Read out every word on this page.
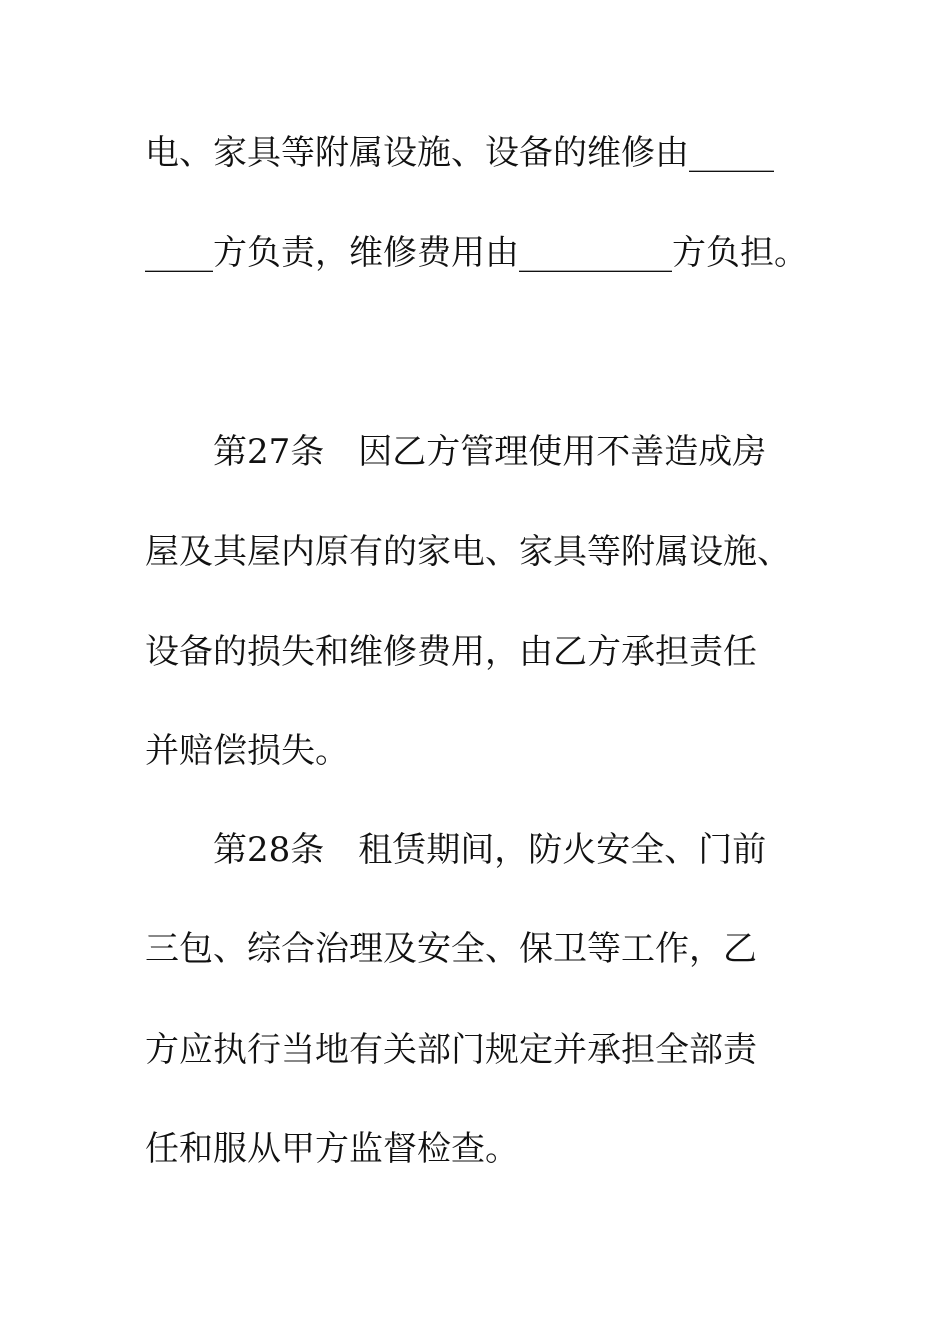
电、家具等附属设施、设备的维修由_____
____方负责，维修费用由_________方负担。
第27条　因乙方管理使用不善造成房
屋及其屋内原有的家电、家具等附属设施、
设备的损失和维修费用，由乙方承担责任
并赔偿损失。
第28条　租赁期间，防火安全、门前
三包、综合治理及安全、保卫等工作，乙
方应执行当地有关部门规定并承担全部责
任和服从甲方监督检查。
